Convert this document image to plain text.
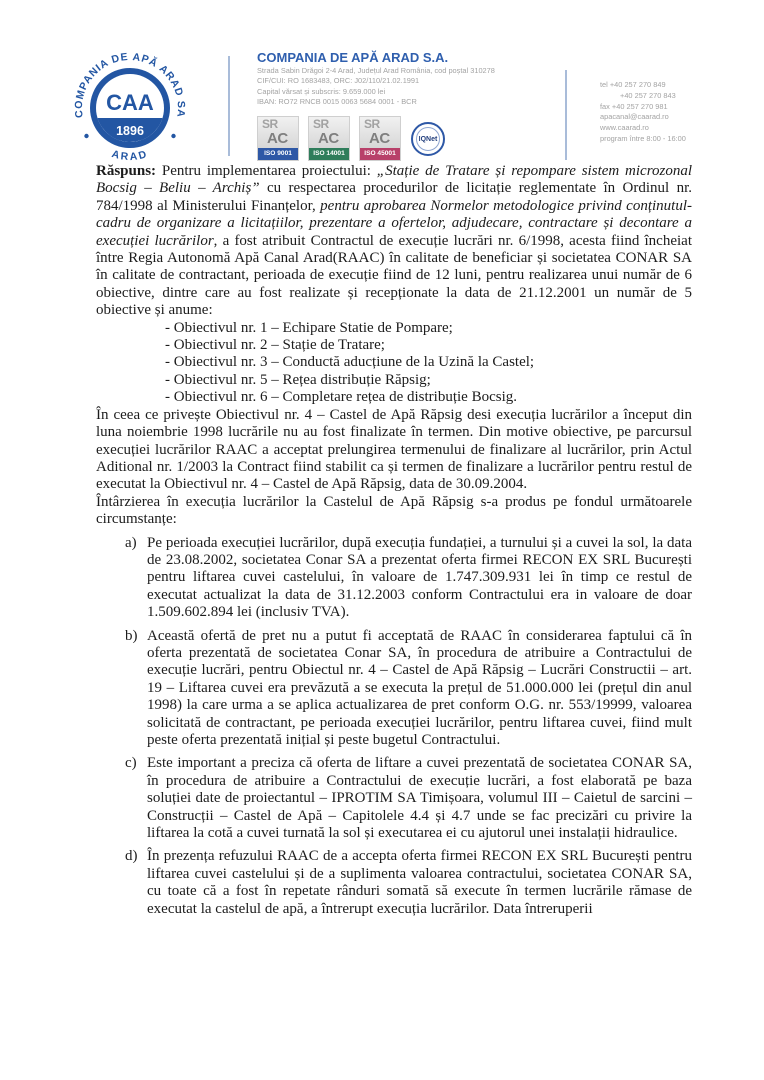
COMPANIA DE APĂ ARAD SA
ARAD
CAA
1896
COMPANIA DE APĂ ARAD S.A.
Strada Sabin Drăgoi 2-4 Arad, Județul Arad România, cod poștal 310278
CIF/CUI: RO 1683483, ORC: J02/110/21.02.1991
Capital vărsat și subscris: 9.659.000 lei
IBAN: RO72 RNCB 0015 0063 5684 0001 - BCR
SR
AC
ISO 9001
SR
AC
ISO 14001
SR
AC
ISO 45001
IQNet
tel +40 257 270 849
+40 257 270 843
fax +40 257 270 981
apacanal@caarad.ro
www.caarad.ro
program între 8:00 - 16:00

Răspuns: Pentru implementarea proiectului: „Stație de Tratare și repompare sistem microzonal Bocsig – Beliu – Archiș” cu respectarea procedurilor de licitație reglementate în Ordinul nr. 784/1998 al Ministerului Finanțelor, pentru aprobarea Normelor metodologice privind conținutul-cadru de organizare a licitațiilor, prezentare a ofertelor, adjudecare, contractare și decontare a execuției lucrărilor, a fost atribuit Contractul de execuție lucrări nr. 6/1998, acesta fiind încheiat între Regia Autonomă Apă Canal Arad(RAAC) în calitate de beneficiar și societatea CONAR SA în calitate de contractant, perioada de execuție fiind de 12 luni, pentru realizarea unui număr de 6 obiective, dintre care au fost realizate și recepționate la data de 21.12.2001 un număr de 5 obiective și anume:

- Obiectivul nr. 1 – Echipare Statie de Pompare;
- Obiectivul nr. 2 – Stație de Tratare;
- Obiectivul nr. 3 – Conductă aducțiune de la Uzină la Castel;
- Obiectivul nr. 5 – Rețea distribuție Răpsig;
- Obiectivul nr. 6 – Completare rețea de distribuție Bocsig.

În ceea ce privește Obiectivul nr. 4 – Castel de Apă Răpsig desi execuția lucrărilor a început din luna noiembrie 1998 lucrările nu au fost finalizate în termen. Din motive obiective, pe parcursul execuției lucrărilor RAAC a acceptat prelungirea termenului de finalizare al lucrărilor, prin Actul Aditional nr. 1/2003 la Contract fiind stabilit ca și termen de finalizare a lucrărilor pentru restul de executat la Obiectivul nr. 4 – Castel de Apă Răpsig, data de 30.09.2004.

Întârzierea în execuția lucrărilor la Castelul de Apă Răpsig s-a produs pe fondul următoarele circumstanțe:

a) Pe perioada execuției lucrărilor, după execuția fundației, a turnului și a cuvei la sol, la data de 23.08.2002, societatea Conar SA a prezentat oferta firmei RECON EX SRL București pentru liftarea cuvei castelului, în valoare de 1.747.309.931 lei în timp ce restul de executat actualizat la data de 31.12.2003 conform Contractului era in valoare de doar 1.509.602.894 lei (inclusiv TVA).
b) Această ofertă de pret nu a putut fi acceptată de RAAC în considerarea faptului că în oferta prezentată de societatea Conar SA, în procedura de atribuire a Contractului de execuție lucrări, pentru Obiectul nr. 4 – Castel de Apă Răpsig – Lucrări Constructii – art. 19 – Liftarea cuvei era prevăzută a se executa la prețul de 51.000.000 lei (prețul din anul 1998) la care urma a se aplica actualizarea de pret conform O.G. nr. 553/19999, valoarea solicitată de contractant, pe perioada execuției lucrărilor, pentru liftarea cuvei, fiind mult peste oferta prezentată inițial și peste bugetul Contractului.
c) Este important a preciza că oferta de liftare a cuvei prezentată de societatea CONAR SA, în procedura de atribuire a Contractului de execuție lucrări, a fost elaborată pe baza soluției date de proiectantul – IPROTIM SA Timișoara, volumul III – Caietul de sarcini – Construcții – Castel de Apă – Capitolele 4.4 și 4.7 unde se fac precizări cu privire la liftarea la cotă a cuvei turnată la sol și executarea ei cu ajutorul unei instalații hidraulice.
d) În prezența refuzului RAAC de a accepta oferta firmei RECON EX SRL București pentru liftarea cuvei castelului și de a suplimenta valoarea contractului, societatea CONAR SA, cu toate că a fost în repetate rânduri somată să execute în termen lucrările rămase de executat la castelul de apă, a întrerupt execuția lucrărilor. Data întreruperii
